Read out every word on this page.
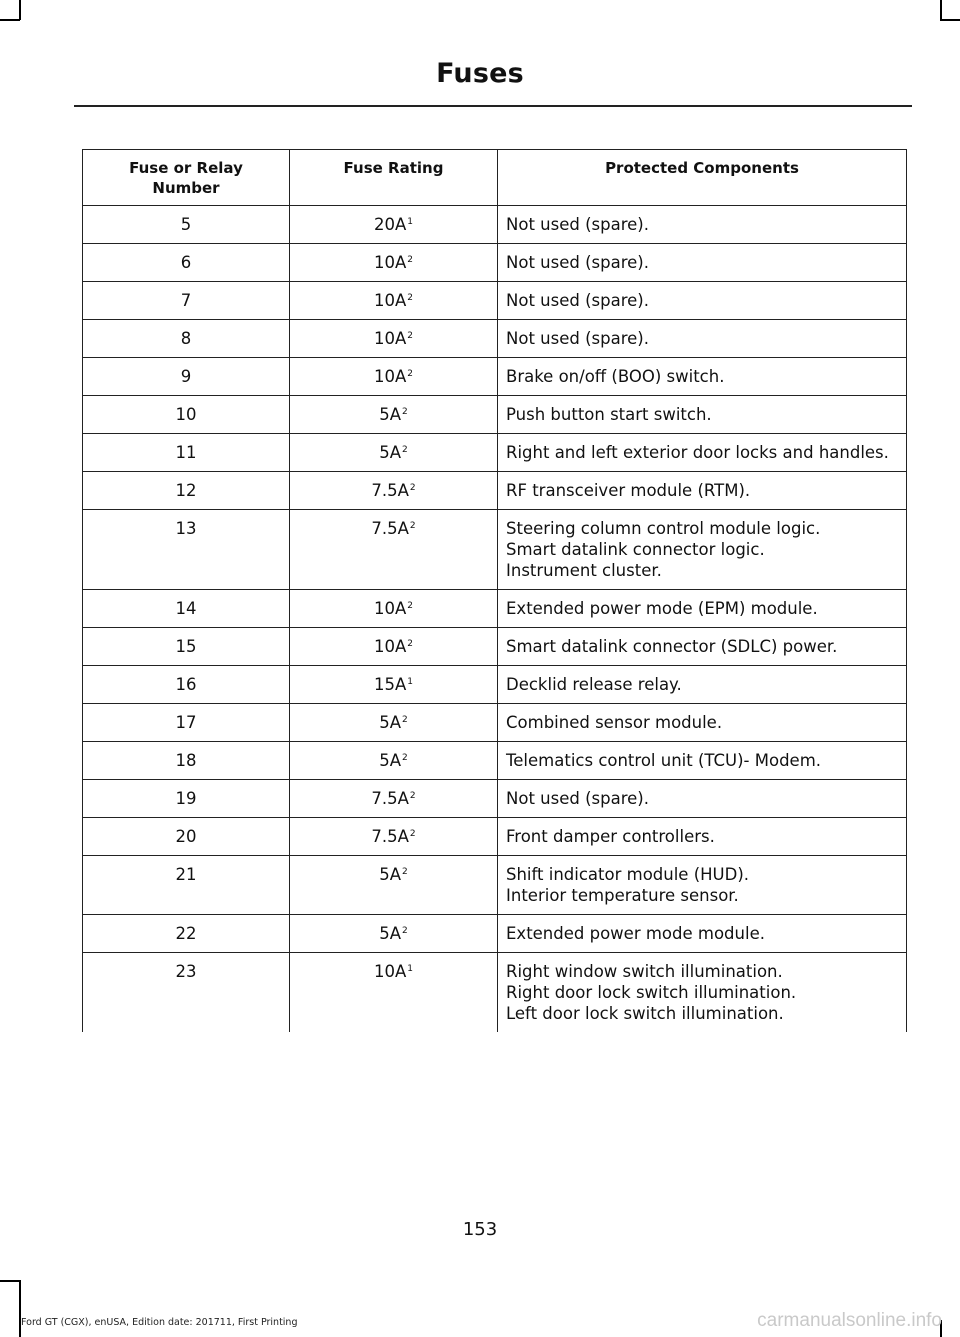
Fuses
Fuse or Relay Number	Fuse Rating	Protected Components
5	20A$^1$	Not used (spare).

6	10A$^2$	Not used (spare).

7	10A$^2$	Not used (spare).

8	10A$^2$	Not used (spare).

9	10A$^2$	Brake on/off (BOO) switch.

10	5A$^2$	Push button start switch.

11	5A$^2$	Right and left exterior door locks and handles.

12	7.5A$^2$	RF transceiver module (RTM).

13	7.5A$^2$	Steering column control module logic.
Smart datalink connector logic.
Instrument cluster.

14	10A$^2$	Extended power mode (EPM) module.

15	10A$^2$	Smart datalink connector (SDLC) power.

16	15A$^1$	Decklid release relay.

17	5A$^2$	Combined sensor module.

18	5A$^2$	Telematics control unit (TCU)- Modem.

19	7.5A$^2$	Not used (spare).

20	7.5A$^2$	Front damper controllers.

21	5A$^2$	Shift indicator module (HUD).
Interior temperature sensor.

22	5A$^2$	Extended power mode module.

23	10A$^1$	Right window switch illumination.
Right door lock switch illumination.
Left door lock switch illumination.
153
Ford GT (CGX), enUSA, Edition date: 201711, First Printing	carmanualsonline.info
